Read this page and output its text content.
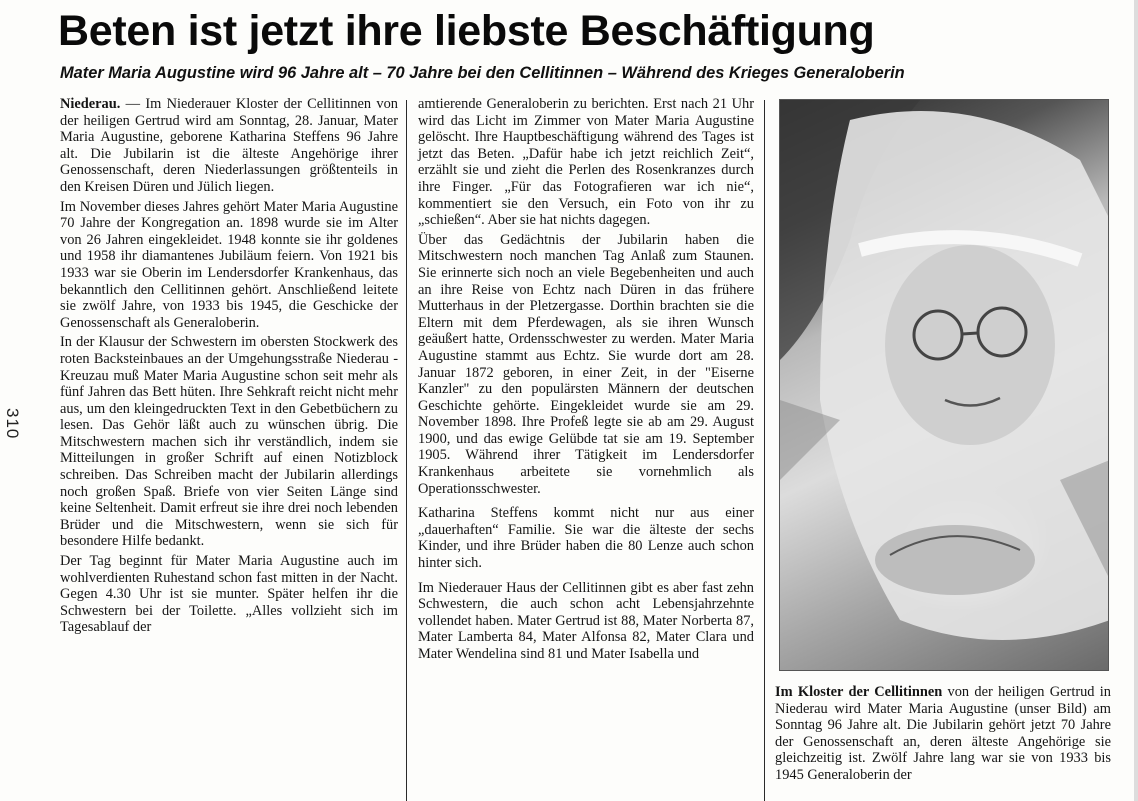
Beten ist jetzt ihre liebste Beschäftigung
Mater Maria Augustine wird 96 Jahre alt – 70 Jahre bei den Cellitinnen – Während des Krieges Generaloberin
310

Niederau. — Im Niederauer Kloster der Cellitinnen von der heiligen Gertrud wird am Sonntag, 28. Januar, Mater Maria Augustine, geborene Katharina Steffens 96 Jahre alt. Die Jubilarin ist die älteste Angehörige ihrer Genossenschaft, deren Niederlassungen größtenteils in den Kreisen Düren und Jülich liegen.

Im November dieses Jahres gehört Mater Maria Augustine 70 Jahre der Kongregation an. 1898 wurde sie im Alter von 26 Jahren eingekleidet. 1948 konnte sie ihr goldenes und 1958 ihr diamantenes Jubiläum feiern. Von 1921 bis 1933 war sie Oberin im Lendersdorfer Krankenhaus, das bekanntlich den Cellitinnen gehört. Anschließend leitete sie zwölf Jahre, von 1933 bis 1945, die Geschicke der Genossenschaft als Generaloberin.

In der Klausur der Schwestern im obersten Stockwerk des roten Backsteinbaues an der Umgehungsstraße Niederau - Kreuzau muß Mater Maria Augustine schon seit mehr als fünf Jahren das Bett hüten. Ihre Sehkraft reicht nicht mehr aus, um den kleingedruckten Text in den Gebetbüchern zu lesen. Das Gehör läßt auch zu wünschen übrig. Die Mitschwestern machen sich ihr verständlich, indem sie Mitteilungen in großer Schrift auf einen Notizblock schreiben. Das Schreiben macht der Jubilarin allerdings noch großen Spaß. Briefe von vier Seiten Länge sind keine Seltenheit. Damit erfreut sie ihre drei noch lebenden Brüder und die Mitschwestern, wenn sie sich für besondere Hilfe bedankt.

Der Tag beginnt für Mater Maria Augustine auch im wohlverdienten Ruhestand schon fast mitten in der Nacht. Gegen 4.30 Uhr ist sie munter. Später helfen ihr die Schwestern bei der Toilette. „Alles vollzieht sich im Tagesablauf der

amtierende Generaloberin zu berichten. Erst nach 21 Uhr wird das Licht im Zimmer von Mater Maria Augustine gelöscht. Ihre Hauptbeschäftigung während des Tages ist jetzt das Beten. „Dafür habe ich jetzt reichlich Zeit“, erzählt sie und zieht die Perlen des Rosenkranzes durch ihre Finger. „Für das Fotografieren war ich nie“, kommentiert sie den Versuch, ein Foto von ihr zu „schießen“. Aber sie hat nichts dagegen.

Über das Gedächtnis der Jubilarin haben die Mitschwestern noch manchen Tag Anlaß zum Staunen. Sie erinnerte sich noch an viele Begebenheiten und auch an ihre Reise von Echtz nach Düren in das frühere Mutterhaus in der Pletzergasse. Dorthin brachten sie die Eltern mit dem Pferdewagen, als sie ihren Wunsch geäußert hatte, Ordensschwester zu werden. Mater Maria Augustine stammt aus Echtz. Sie wurde dort am 28. Januar 1872 geboren, in einer Zeit, in der "Eiserne Kanzler" zu den populärsten Männern der deutschen Geschichte gehörte. Eingekleidet wurde sie am 29. November 1898. Ihre Profeß legte sie ab am 29. August 1900, und das ewige Gelübde tat sie am 19. September 1905. Während ihrer Tätigkeit im Lendersdorfer Krankenhaus arbeitete sie vornehmlich als Operationsschwester.

Katharina Steffens kommt nicht nur aus einer „dauerhaften“ Familie. Sie war die älteste der sechs Kinder, und ihre Brüder haben die 80 Lenze auch schon hinter sich.

Im Niederauer Haus der Cellitinnen gibt es aber fast zehn Schwestern, die auch schon acht Lebensjahrzehnte vollendet haben. Mater Gertrud ist 88, Mater Norberta 87, Mater Lamberta 84, Mater Alfonsa 82, Mater Clara und Mater Wendelina sind 81 und Mater Isabella und

Im Kloster der Cellitinnen von der heiligen Gertrud in Niederau wird Mater Maria Augustine (unser Bild) am Sonntag 96 Jahre alt. Die Jubilarin gehört jetzt 70 Jahre der Genossenschaft an, deren älteste Angehörige sie gleichzeitig ist. Zwölf Jahre lang war sie von 1933 bis 1945 Generaloberin der
